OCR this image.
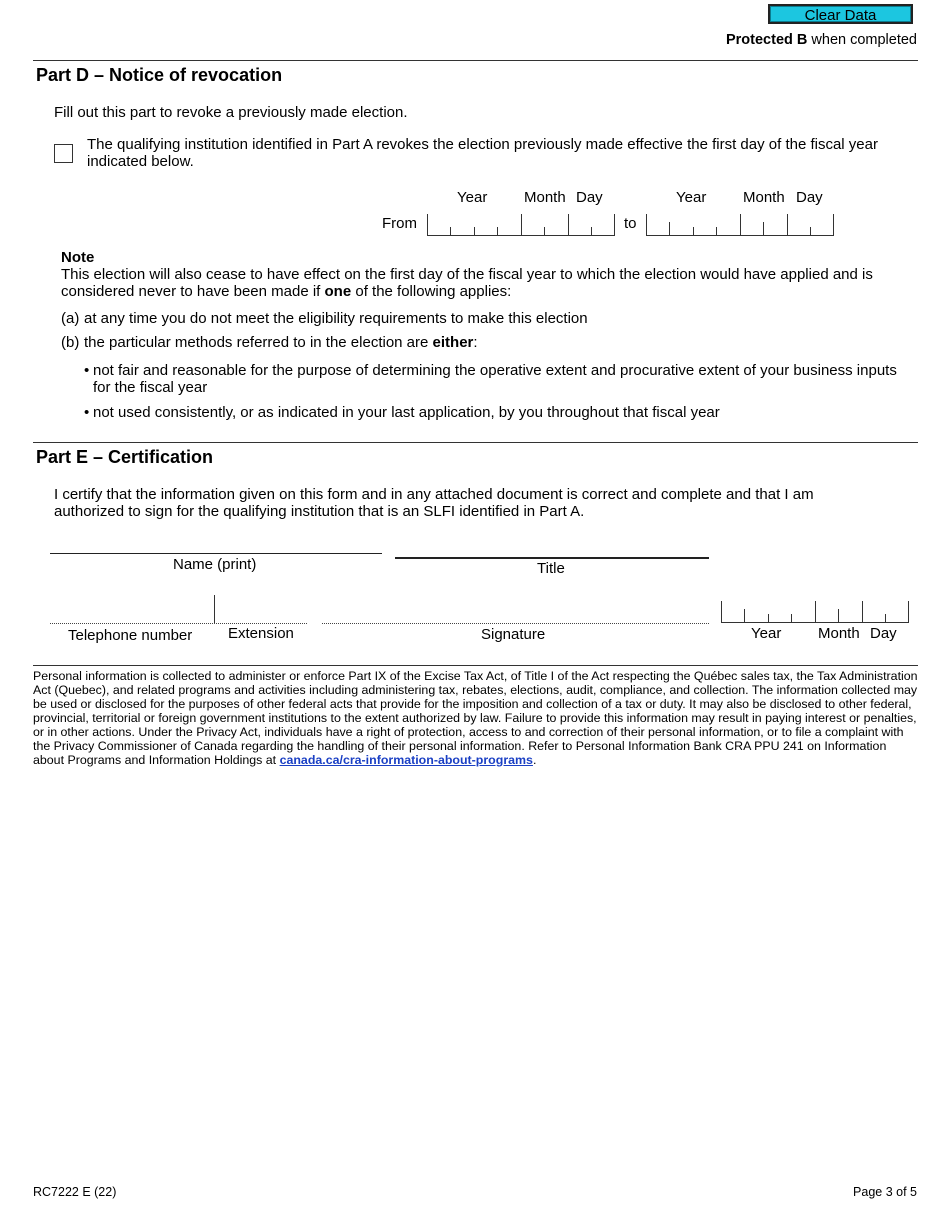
Clear Data
Protected B when completed
Part D – Notice of revocation
Fill out this part to revoke a previously made election.
The qualifying institution identified in Part A revokes the election previously made effective the first day of the fiscal year indicated below.
Year Month Day	Year Month Day
From	to
Note
This election will also cease to have effect on the first day of the fiscal year to which the election would have applied and is considered never to have been made if one of the following applies:
(a) at any time you do not meet the eligibility requirements to make this election
(b) the particular methods referred to in the election are either:
• not fair and reasonable for the purpose of determining the operative extent and procurative extent of your business inputs for the fiscal year
• not used consistently, or as indicated in your last application, by you throughout that fiscal year
Part E – Certification
I certify that the information given on this form and in any attached document is correct and complete and that I am authorized to sign for the qualifying institution that is an SLFI identified in Part A.
Name (print)	Title
Telephone number Extension	Signature	Year Month Day
Personal information is collected to administer or enforce Part IX of the Excise Tax Act, of Title I of the Act respecting the Québec sales tax, the Tax Administration Act (Quebec), and related programs and activities including administering tax, rebates, elections, audit, compliance, and collection. The information collected may be used or disclosed for the purposes of other federal acts that provide for the imposition and collection of a tax or duty. It may also be disclosed to other federal, provincial, territorial or foreign government institutions to the extent authorized by law. Failure to provide this information may result in paying interest or penalties, or in other actions. Under the Privacy Act, individuals have a right of protection, access to and correction of their personal information, or to file a complaint with the Privacy Commissioner of Canada regarding the handling of their personal information. Refer to Personal Information Bank CRA PPU 241 on Information about Programs and Information Holdings at canada.ca/cra-information-about-programs.
RC7222 E (22)	Page 3 of 5
